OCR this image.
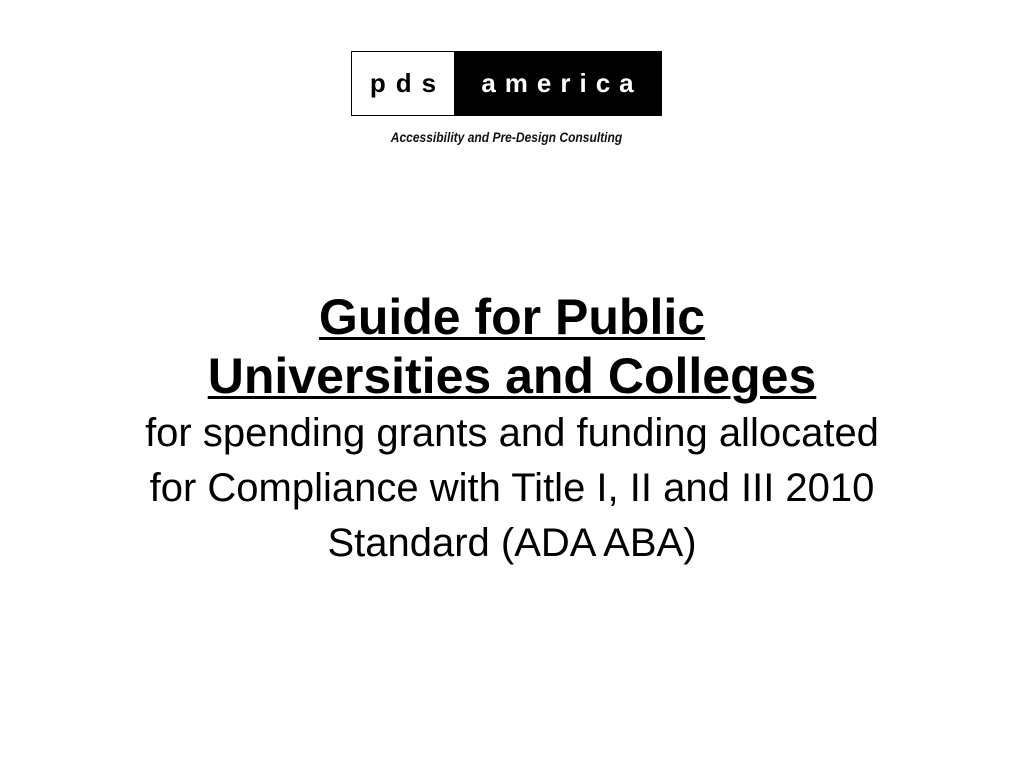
pds	america
Accessibility and Pre-Design Consulting
Guide for Public
Universities and Colleges
for spending grants and funding allocated
for Compliance with Title I, II and III 2010
Standard (ADA ABA)
